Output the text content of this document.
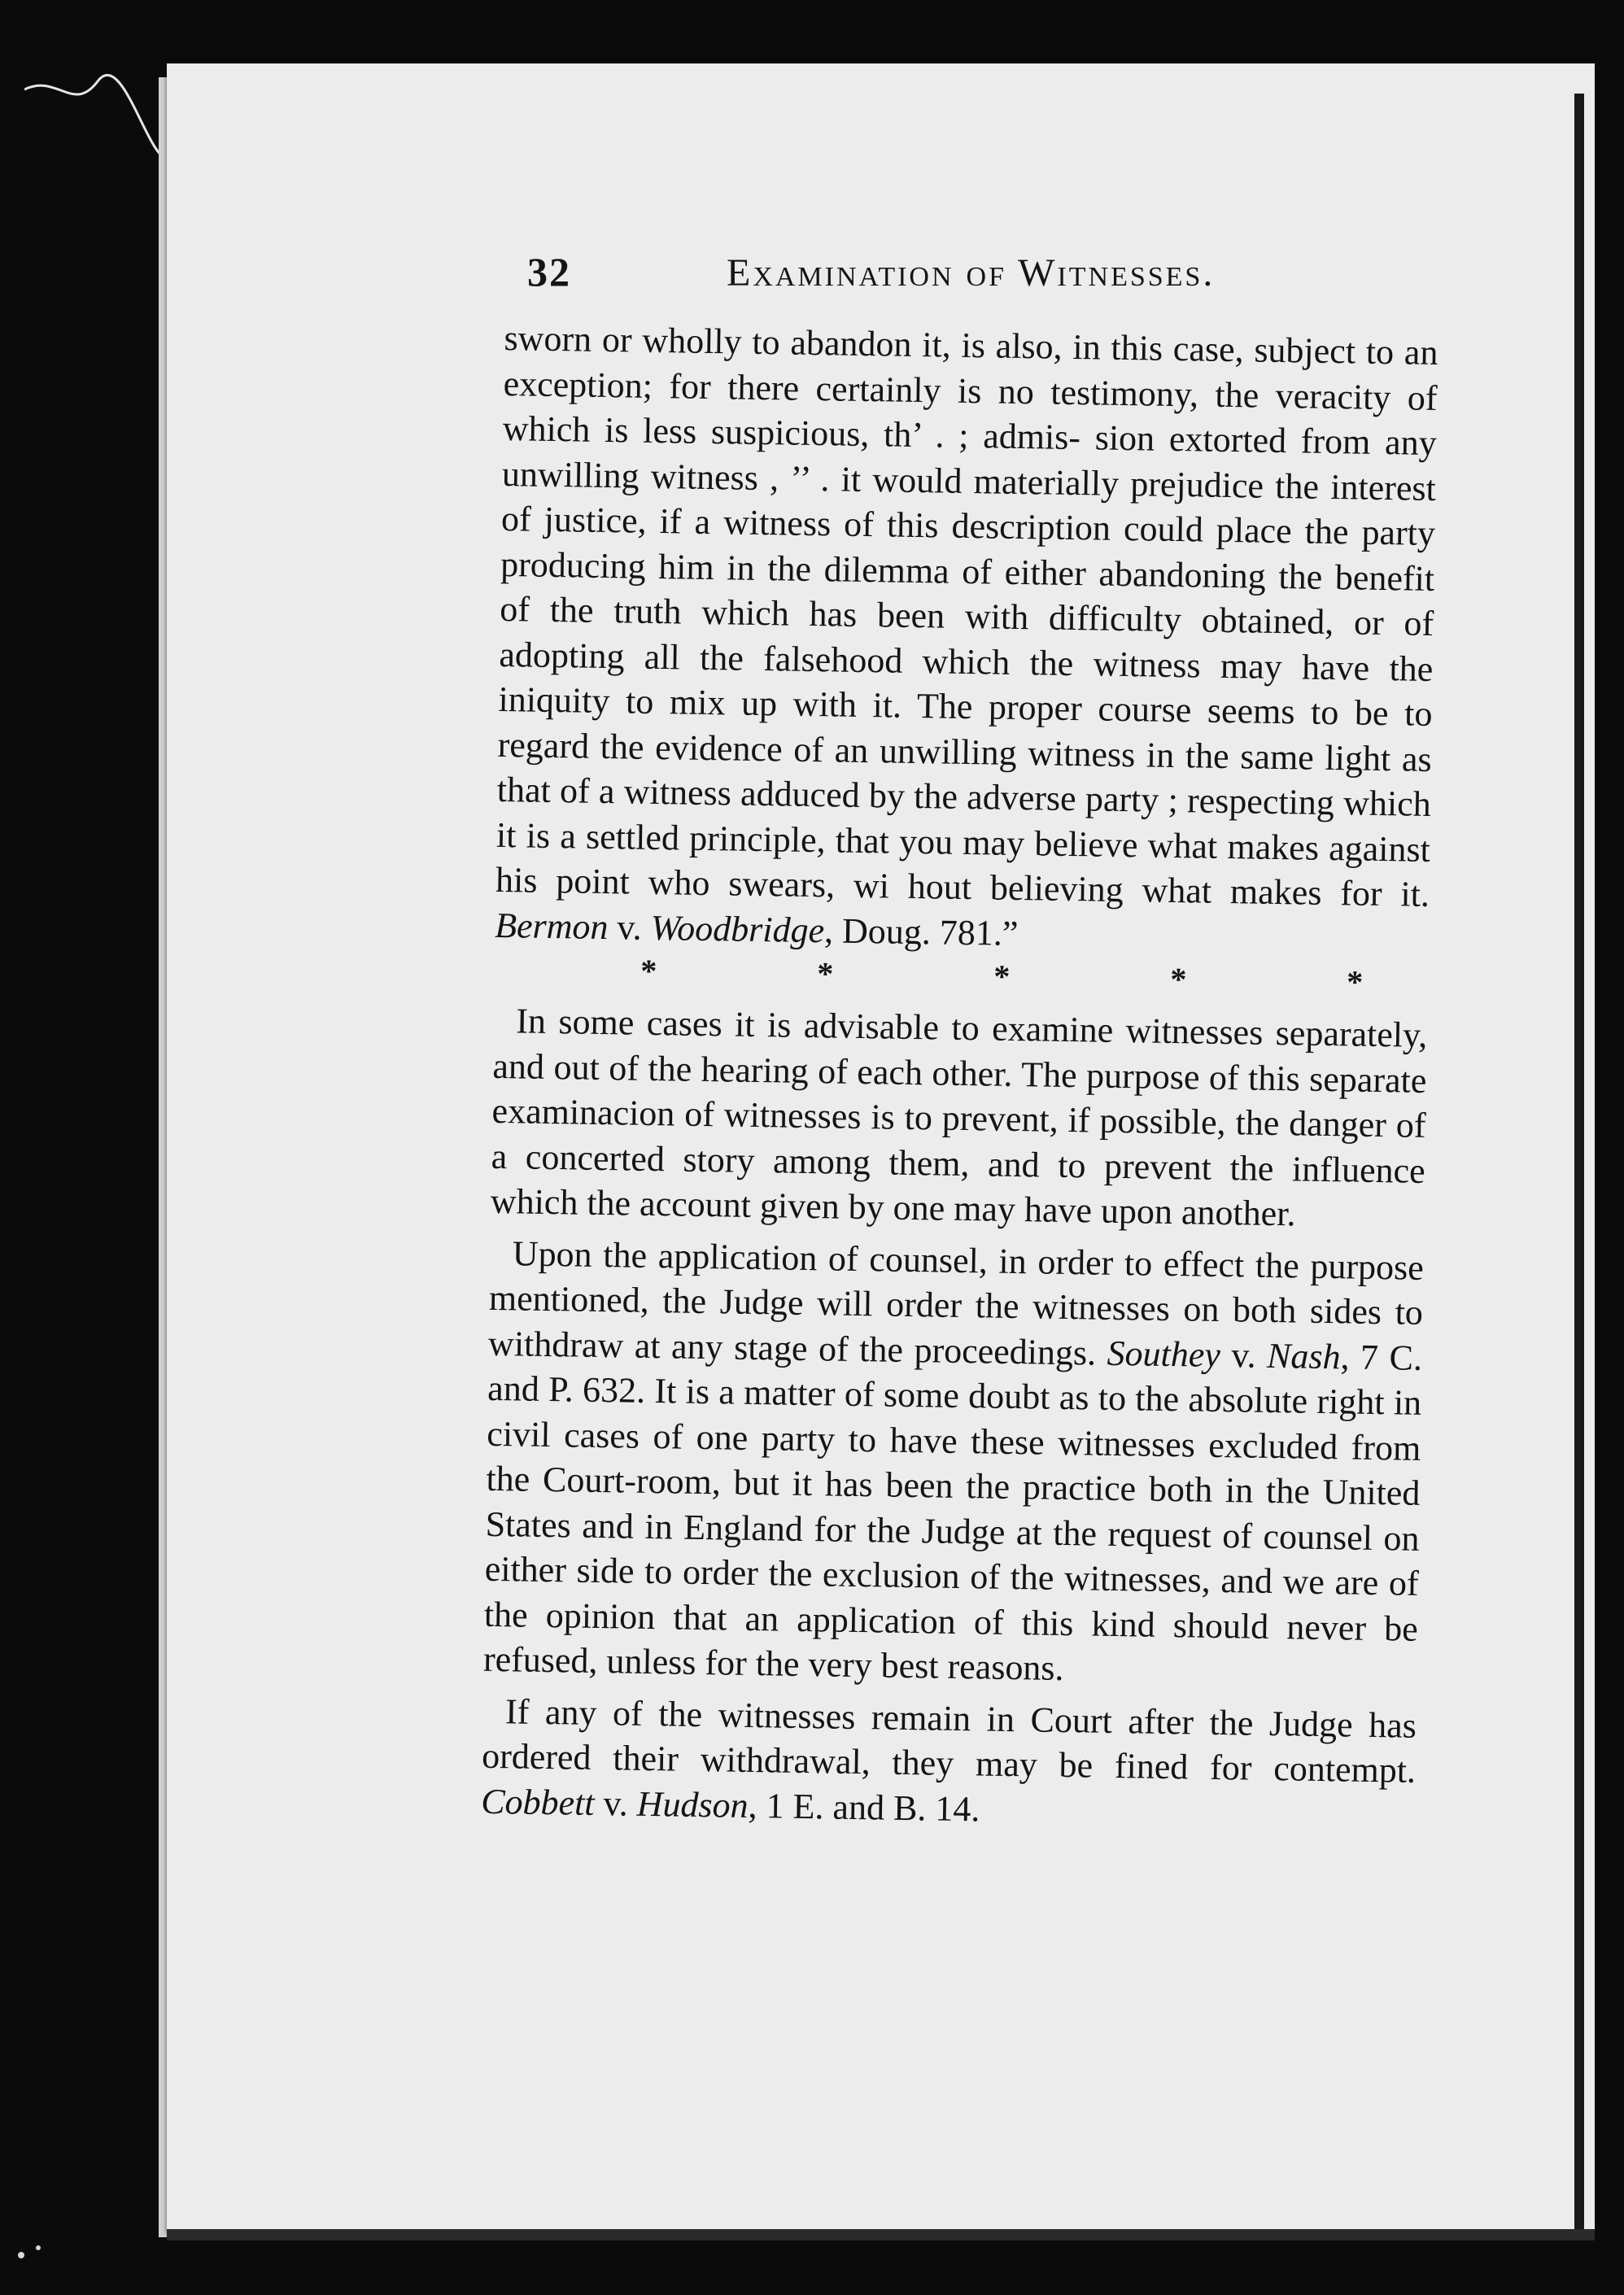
32	Examination of Witnesses.

sworn or wholly to abandon it, is also, in this case, subject to an exception; for there certainly is no testimony, the veracity of which is less suspicious, th’ . ; admis- sion extorted from any unwilling witness , ’’ . it would materially prejudice the interest of justice, if a witness of this description could place the party producing him in the dilemma of either abandoning the benefit of the truth which has been with difficulty obtained, or of adopting all the falsehood which the witness may have the iniquity to mix up with it. The proper course seems to be to regard the evidence of an unwilling witness in the same light as that of a witness adduced by the adverse party ; respecting which it is a settled principle, that you may believe what makes against his point who swears, wi hout believing what makes for it. Bermon v. Woodbridge, Doug. 781.”

*	*	*	*	*

In some cases it is advisable to examine witnesses separately, and out of the hearing of each other. The purpose of this separate examinacion of witnesses is to prevent, if possible, the danger of a concerted story among them, and to prevent the influence which the account given by one may have upon another.

Upon the application of counsel, in order to effect the purpose mentioned, the Judge will order the witnesses on both sides to withdraw at any stage of the proceedings. Southey v. Nash, 7 C. and P. 632. It is a matter of some doubt as to the absolute right in civil cases of one party to have these witnesses excluded from the Court-room, but it has been the practice both in the United States and in England for the Judge at the request of counsel on either side to order the exclusion of the witnesses, and we are of the opinion that an application of this kind should never be refused, unless for the very best reasons.

If any of the witnesses remain in Court after the Judge has ordered their withdrawal, they may be fined for contempt. Cobbett v. Hudson, 1 E. and B. 14.
